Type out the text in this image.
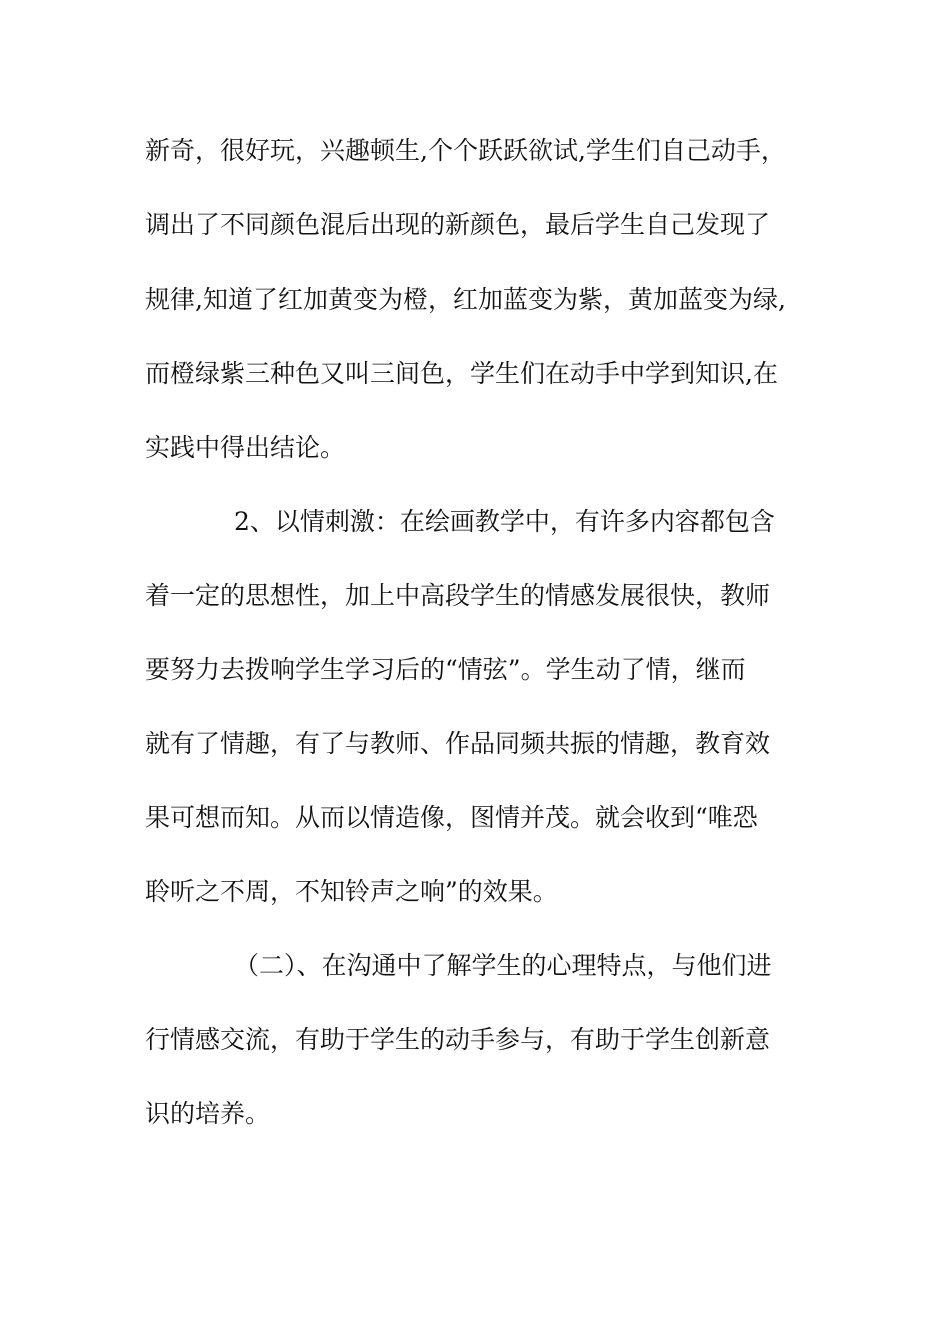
新奇，很好玩，兴趣顿生,个个跃跃欲试,学生们自己动手，
调出了不同颜色混后出现的新颜色，最后学生自己发现了
规律,知道了红加黄变为橙，红加蓝变为紫，黄加蓝变为绿,
而橙绿紫三种色又叫三间色，学生们在动手中学到知识,在
实践中得出结论。
2、以情刺激：在绘画教学中，有许多内容都包含
着一定的思想性，加上中高段学生的情感发展很快，教师
要努力去拨响学生学习后的“情弦”。学生动了情，继而
就有了情趣，有了与教师、作品同频共振的情趣，教育效
果可想而知。从而以情造像，图情并茂。就会收到“唯恐
聆听之不周，不知铃声之响”的效果。
（二）、在沟通中了解学生的心理特点，与他们进
行情感交流，有助于学生的动手参与，有助于学生创新意
识的培养。
